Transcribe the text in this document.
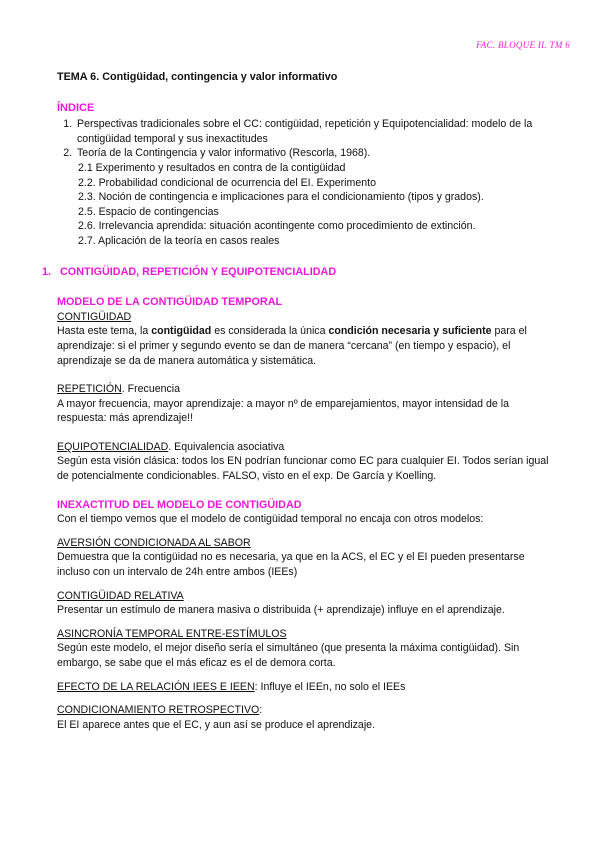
FAC. BLOQUE II. TM 6

TEMA 6. Contigüidad, contingencia y valor informativo

ÍNDICE

1. Perspectivas tradicionales sobre el CC: contigüidad, repetición y Equipotencialidad: modelo de la contigüidad temporal y sus inexactitudes
2. Teoría de la Contingencia y valor informativo (Rescorla, 1968).
2.1 Experimento y resultados en contra de la contigüidad
2.2. Probabilidad condicional de ocurrencia del EI. Experimento
2.3. Noción de contingencia e implicaciones para el condicionamiento (tipos y grados).
2.5. Espacio de contingencias
2.6. Irrelevancia aprendida: situación acontingente como procedimiento de extinción.
2.7. Aplicación de la teoría en casos reales
1. CONTIGÜIDAD, REPETICIÓN Y EQUIPOTENCIALIDAD

MODELO DE LA CONTIGÜIDAD TEMPORAL

CONTIGÜIDAD

Hasta este tema, la contigüidad es considerada la única condición necesaria y suficiente para el aprendizaje: si el primer y segundo evento se dan de manera “cercana” (en tiempo y espacio), el aprendizaje se da de manera automática y sistemática.

REPETICIÓN. Frecuencia

A mayor frecuencia, mayor aprendizaje: a mayor nº de emparejamientos, mayor intensidad de la respuesta: más aprendizaje!!

EQUIPOTENCIALIDAD. Equivalencia asociativa

Según esta visión clásica: todos los EN podrían funcionar como EC para cualquier EI. Todos serían igual de potencialmente condicionables. FALSO, visto en el exp. De García y Koelling.

INEXACTITUD DEL MODELO DE CONTIGÜIDAD

Con el tiempo vemos que el modelo de contigüidad temporal no encaja con otros modelos:

AVERSIÓN CONDICIONADA AL SABOR

Demuestra que la contigüidad no es necesaria, ya que en la ACS, el EC y el EI pueden presentarse incluso con un intervalo de 24h entre ambos (IEEs)

CONTIGÜIDAD RELATIVA

Presentar un estímulo de manera masiva o distribuida (+ aprendizaje) influye en el aprendizaje.

ASINCRONÍA TEMPORAL ENTRE-ESTÍMULOS

Según este modelo, el mejor diseño sería el simultáneo (que presenta la máxima contigüidad). Sin embargo, se sabe que el más eficaz es el de demora corta.

EFECTO DE LA RELACIÓN IEES E IEEN: Influye el IEEn, no solo el IEEs

CONDICIONAMIENTO RETROSPECTIVO:

El EI aparece antes que el EC, y aun así se produce el aprendizaje.
